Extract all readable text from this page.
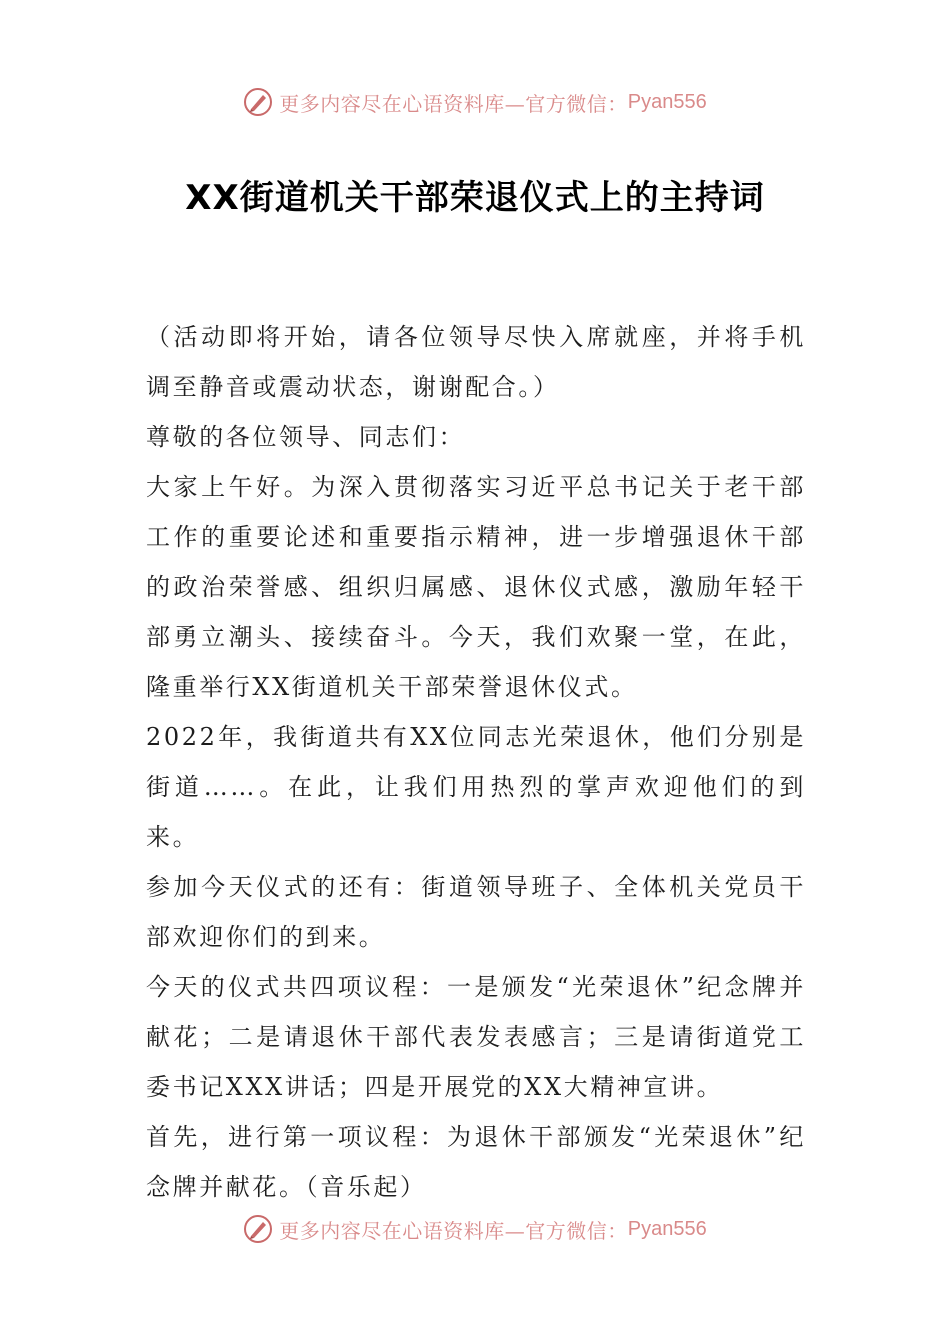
更多内容尽在心语资料库—官方微信： Pyan556
XX街道机关干部荣退仪式上的主持词

（活动即将开始，请各位领导尽快入席就座，并将手机调至静音或震动状态，谢谢配合。）

尊敬的各位领导、同志们：

大家上午好。为深入贯彻落实习近平总书记关于老干部工作的重要论述和重要指示精神，进一步增强退休干部的政治荣誉感、组织归属感、退休仪式感，激励年轻干部勇立潮头、接续奋斗。今天，我们欢聚一堂，在此，隆重举行XX街道机关干部荣誉退休仪式。

2022年，我街道共有XX位同志光荣退休，他们分别是街道……。在此，让我们用热烈的掌声欢迎他们的到来。

参加今天仪式的还有：街道领导班子、全体机关党员干部欢迎你们的到来。

今天的仪式共四项议程：一是颁发“光荣退休”纪念牌并献花；二是请退休干部代表发表感言；三是请街道党工委书记XXX讲话；四是开展党的XX大精神宣讲。

首先，进行第一项议程：为退休干部颁发“光荣退休”纪念牌并献花。（音乐起）

更多内容尽在心语资料库—官方微信： Pyan556
